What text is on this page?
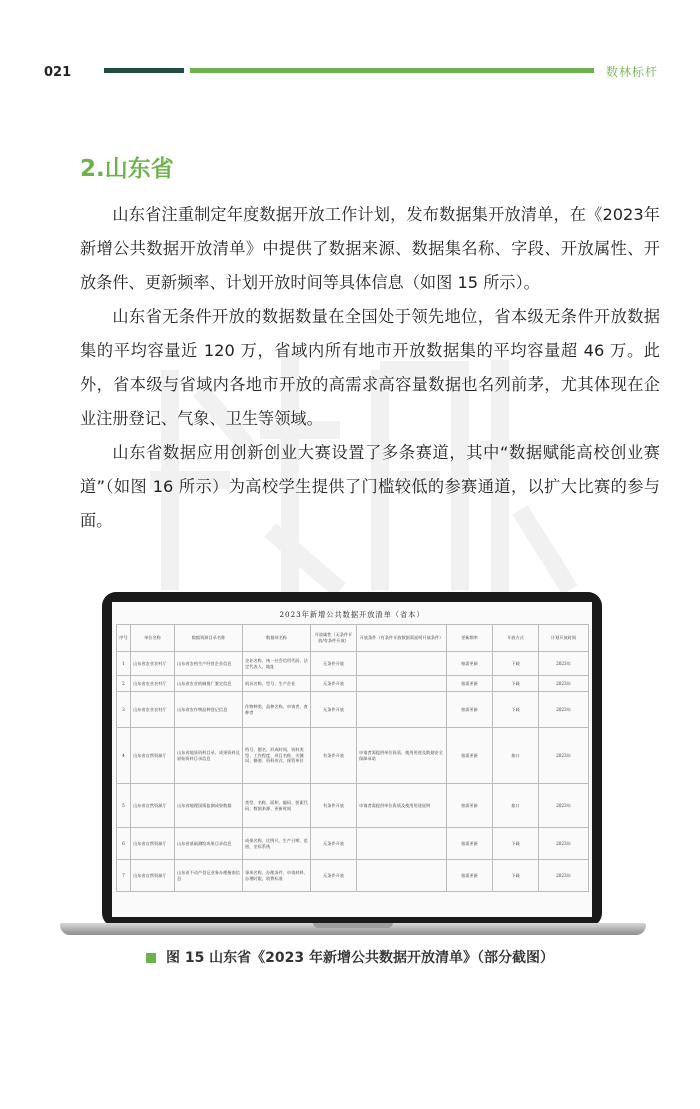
021	数林标杆
2.山东省

山东省注重制定年度数据开放工作计划，发布数据集开放清单，在《2023年新增公共数据开放清单》中提供了数据来源、数据集名称、字段、开放属性、开放条件、更新频率、计划开放时间等具体信息（如图 15 所示）。

山东省无条件开放的数据数量在全国处于领先地位，省本级无条件开放数据集的平均容量近 120 万，省域内所有地市开放数据集的平均容量超 46 万。此外，省本级与省域内各地市开放的高需求高容量数据也名列前茅，尤其体现在企业注册登记、气象、卫生等领域。

山东省数据应用创新创业大赛设置了多条赛道，其中“数据赋能高校创业赛道”（如图 16 所示）为高校学生提供了门槛较低的参赛通道，以扩大比赛的参与面。

2023年新增公共数据开放清单（省本）
序号	单位名称	数据资源目录名称	数据项名称	开放属性（无条件开放/有条件开放）	开放条件（有条件开放数据需说明开放条件）	更新频率	开放方式	计划开放时间
1	山东省农业农村厅	山东省农药生产经营企业信息	企业名称、统一社会信用代码、法定代表人、地址	无条件开放		按需更新	下载	2023年
2	山东省农业农村厅	山东省农业机械推广鉴定信息	机具名称、型号、生产企业	无条件开放		按需更新	下载	2023年
3	山东省农业农村厅	山东省农作物品种登记信息	作物种类、品种名称、申请者、育种者	无条件开放		按需更新	下载	2023年
4	山东省自然资源厅	山东省地质资料目录、成果资料及原始资料目录信息	档号、题名、形成时间、资料类型、工作程度、项目名称、关键词、摘要、资料形式、保管单位	有条件开放	申请者需提供单位资质、使用用途及数据安全保障承诺	按需更新	接口	2023年
5	山东省自然资源厅	山东省地理国情监测成果数据	类型、名称、面积、编码、要素代码、数据来源、更新时间	有条件开放	申请者需提供单位资质及使用用途说明	按需更新	接口	2023年
6	山东省自然资源厅	山东省基础测绘成果目录信息	成果名称、比例尺、生产日期、范围、坐标系统	无条件开放		按需更新	下载	2023年
7	山东省自然资源厅	山东省不动产登记业务办理指南信息	事项名称、办理条件、申请材料、办理时限、收费标准	无条件开放		按需更新	下载	2023年
图 15 山东省《2023 年新增公共数据开放清单》（部分截图）
